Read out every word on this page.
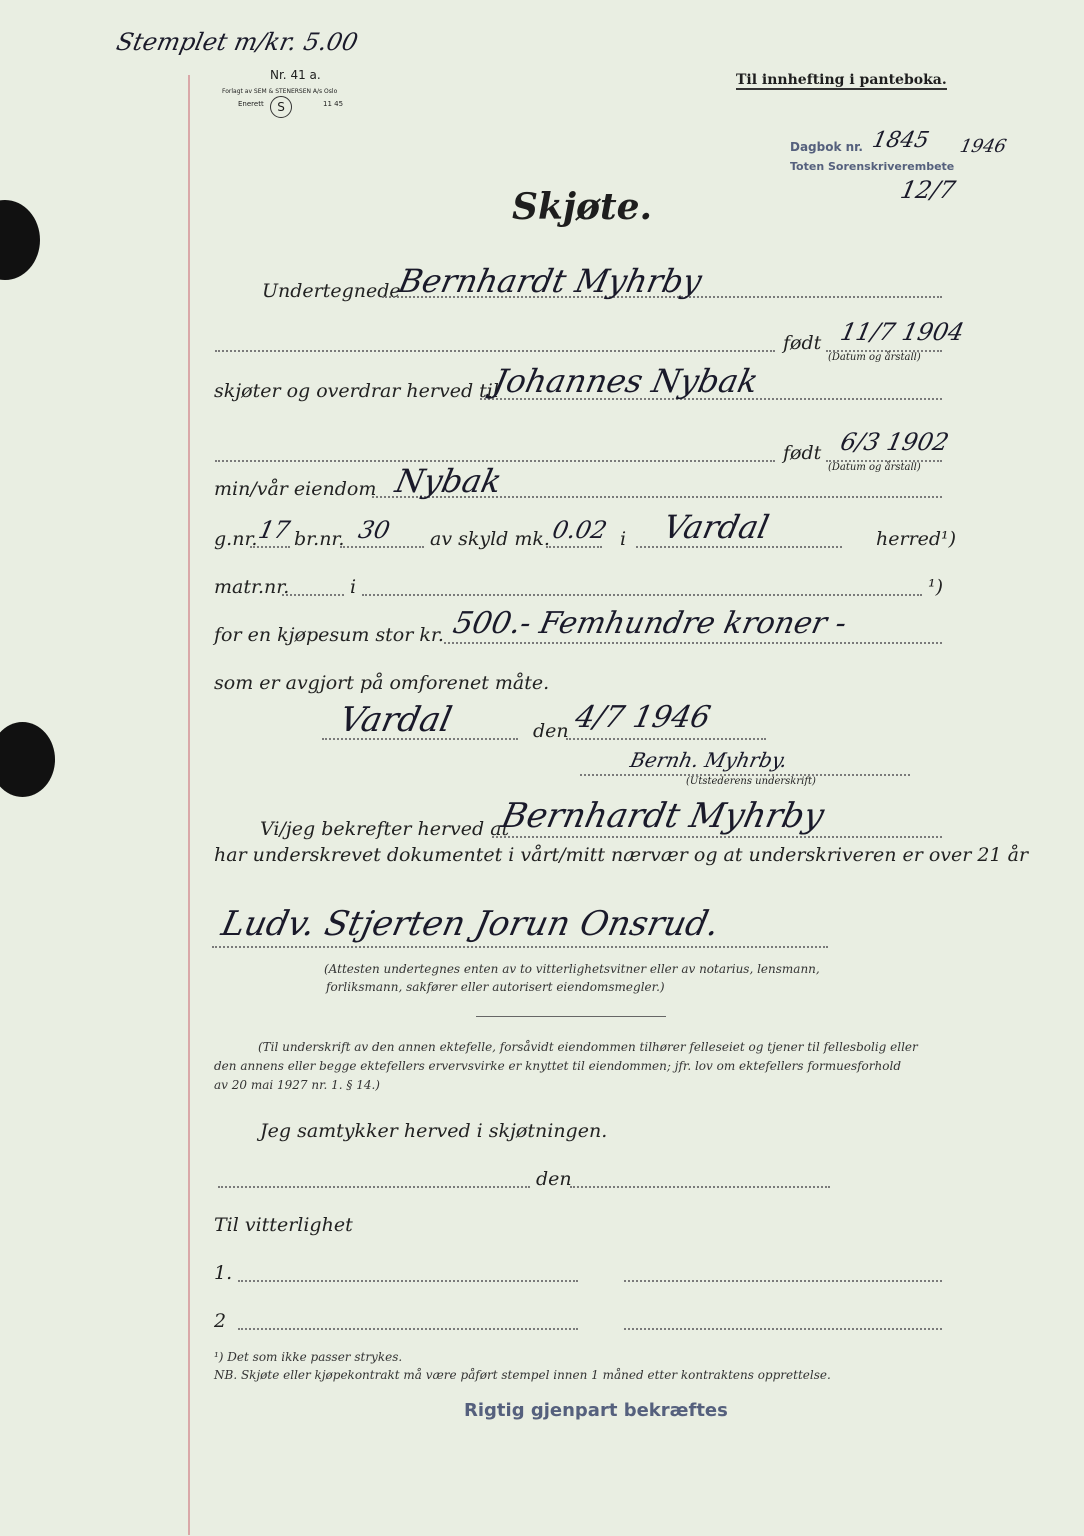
Stemplet m/kr. 5.00
Nr. 41 a.
Forlagt av SEM & STENERSEN A/s Oslo
Enerett	S	11 45
Til innhefting i panteboka.
Dagbok nr. 1845 1946
Toten Sorenskriverembete
12/7
Skjøte.
Undertegnede
Bernhardt Myhrby
født 11/7 1904
(Datum og årstall)
skjøter og overdrar herved til
Johannes Nybak
født 6/3 1902
(Datum og årstall)
min/vår eiendom Nybak
g.nr.
17 br.nr. 30 av skyld mk. 0.02 i Vardal	herred¹)
matr.nr.	i	¹)
for en kjøpesum stor kr. 500.- Femhundre kroner -
som er avgjort på omforenet måte.
Vardal	den 4/7 1946
Bernh. Myhrby.
(Utstederens underskrift)
Vi/jeg bekrefter herved at
Bernhardt Myhrby
har underskrevet dokumentet i vårt/mitt nærvær og at underskriveren er over 21 år
Ludv. Stjerten Jorun Onsrud.
(Attesten undertegnes enten av to vitterlighetsvitner eller av notarius, lensmann,
forliksmann, sakfører eller autorisert eiendomsmegler.)
(Til underskrift av den annen ektefelle, forsåvidt eiendommen tilhører felleseiet og tjener til fellesbolig eller
den annens eller begge ektefellers ervervsvirke er knyttet til eiendommen; jfr. lov om ektefellers formuesforhold
av 20 mai 1927 nr. 1. § 14.)
Jeg samtykker herved i skjøtningen.
den
Til vitterlighet
1.
2
¹) Det som ikke passer strykes.
NB. Skjøte eller kjøpekontrakt må være påført stempel innen 1 måned etter kontraktens opprettelse.
Rigtig gjenpart bekræftes
